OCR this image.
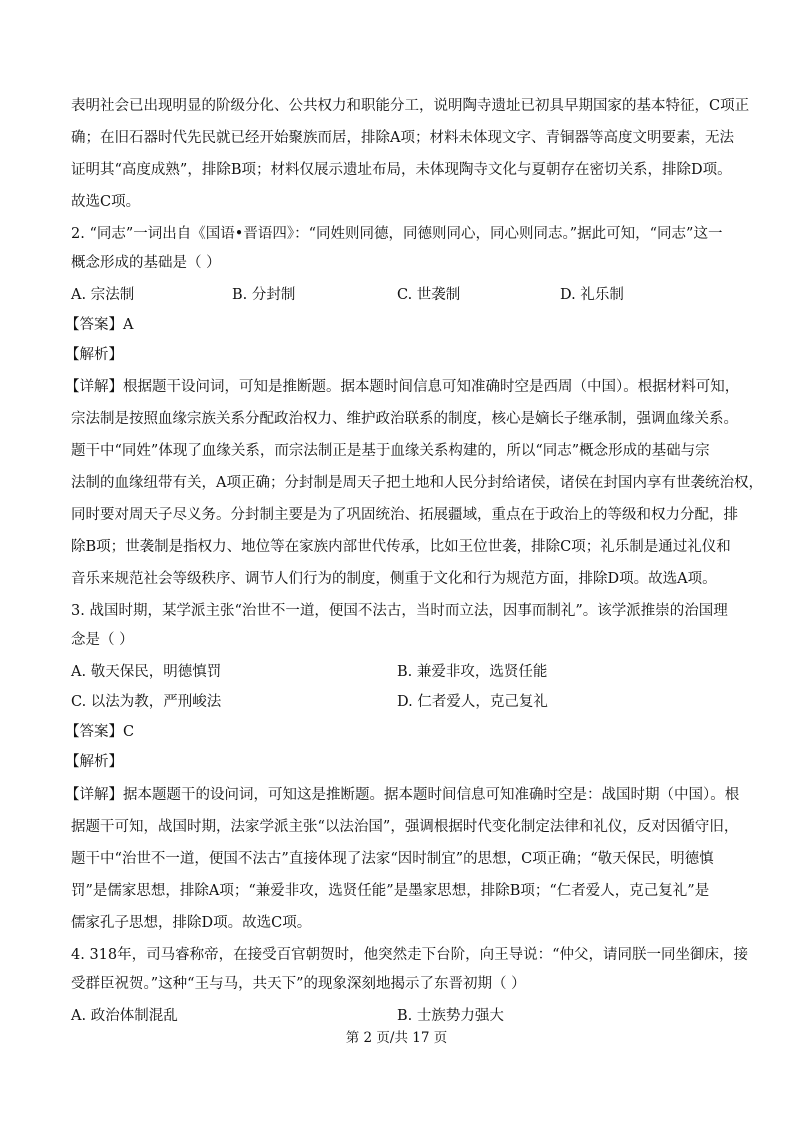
表明社会已出现明显的阶级分化、公共权力和职能分工，说明陶寺遗址已初具早期国家的基本特征，C项正
确；在旧石器时代先民就已经开始聚族而居，排除A项；材料未体现文字、青铜器等高度文明要素，无法
证明其“高度成熟”，排除B项；材料仅展示遗址布局，未体现陶寺文化与夏朝存在密切关系，排除D项。
故选C项。
2. “同志”一词出自《国语•晋语四》：“同姓则同德，同德则同心，同心则同志。”据此可知，“同志”这一
概念形成的基础是（ ）
A. 宗法制	B. 分封制	C. 世袭制	D. 礼乐制
【答案】A
【解析】
【详解】根据题干设问词，可知是推断题。据本题时间信息可知准确时空是西周（中国）。根据材料可知，
宗法制是按照血缘宗族关系分配政治权力、维护政治联系的制度，核心是嫡长子继承制，强调血缘关系。
题干中“同姓”体现了血缘关系，而宗法制正是基于血缘关系构建的，所以“同志”概念形成的基础与宗
法制的血缘纽带有关，A项正确；分封制是周天子把土地和人民分封给诸侯，诸侯在封国内享有世袭统治权，
同时要对周天子尽义务。分封制主要是为了巩固统治、拓展疆域，重点在于政治上的等级和权力分配，排
除B项；世袭制是指权力、地位等在家族内部世代传承，比如王位世袭，排除C项；礼乐制是通过礼仪和
音乐来规范社会等级秩序、调节人们行为的制度，侧重于文化和行为规范方面，排除D项。故选A项。
3. 战国时期，某学派主张“治世不一道，便国不法古，当时而立法，因事而制礼”。该学派推崇的治国理
念是（ ）
A. 敬天保民，明德慎罚	B. 兼爱非攻，选贤任能
C. 以法为教，严刑峻法	D. 仁者爱人，克己复礼
【答案】C
【解析】
【详解】据本题题干的设问词，可知这是推断题。据本题时间信息可知准确时空是：战国时期（中国）。根
据题干可知，战国时期，法家学派主张“以法治国”，强调根据时代变化制定法律和礼仪，反对因循守旧，
题干中“治世不一道，便国不法古”直接体现了法家“因时制宜”的思想，C项正确；“敬天保民，明德慎
罚”是儒家思想，排除A项；“兼爱非攻，选贤任能”是墨家思想，排除B项；“仁者爱人，克己复礼”是
儒家孔子思想，排除D项。故选C项。
4. 318年，司马睿称帝，在接受百官朝贺时，他突然走下台阶，向王导说：“仲父，请同朕一同坐御床，接
受群臣祝贺。”这种“王与马，共天下”的现象深刻地揭示了东晋初期（ ）
A. 政治体制混乱	B. 士族势力强大
第 2 页/共 17 页
